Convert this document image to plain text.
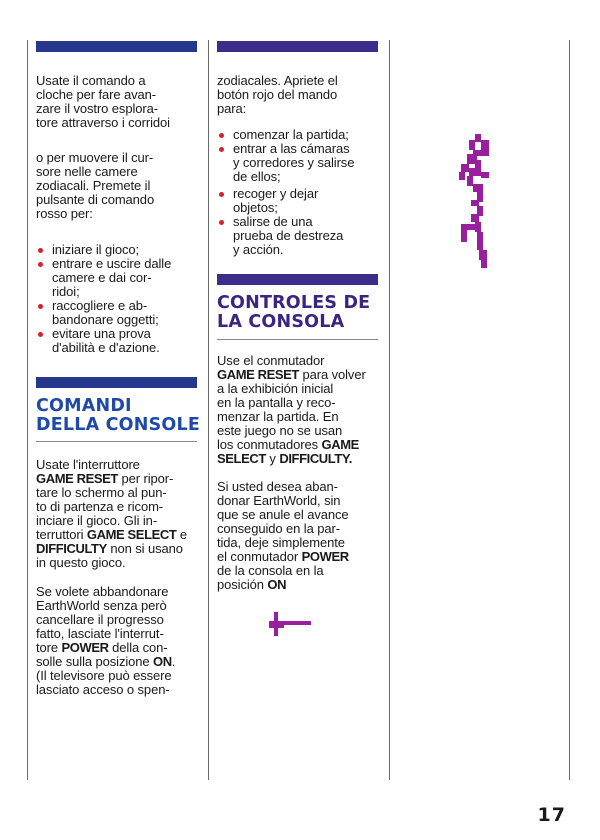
Usate il comando a
cloche per fare avan-
zare il vostro esplora-
tore attraverso i corridoi

o per muovere il cur-
sore nelle camere
zodiacali. Premete il
pulsante di comando
rosso per:

iniziare il gioco;
entrare e uscire dalle
camere e dai cor-
ridoi;
raccogliere e ab-
bandonare oggetti;
evitare una prova
d'abilità e d'azione.
COMANDI
DELLA CONSOLE

Usate l'interruttore
GAME RESET per ripor-
tare lo schermo al pun-
to di partenza e ricom-
inciare il gioco. Gli in-
terruttori GAME SELECT e
DIFFICULTY non si usano
in questo gioco.

Se volete abbandonare
EarthWorld senza però
cancellare il progresso
fatto, lasciate l'interrut-
tore POWER della con-
solle sulla posizione ON.
(Il televisore può essere
lasciato acceso o spen-

zodiacales. Apriete el
botón rojo del mando
para:

comenzar la partida;
entrar a las cámaras
y corredores y salirse
de ellos;
recoger y dejar
objetos;
salirse de una
prueba de destreza
y acción.
CONTROLES DE
LA CONSOLA

Use el conmutador
GAME RESET para volver
a la exhibición inicial
en la pantalla y reco-
menzar la partida. En
este juego no se usan
los conmutadores GAME
SELECT y DIFFICULTY.

Si usted desea aban-
donar EarthWorld, sin
que se anule el avance
conseguido en la par-
tida, deje simplemente
el conmutador POWER
de la consola en la
posición ON

17
